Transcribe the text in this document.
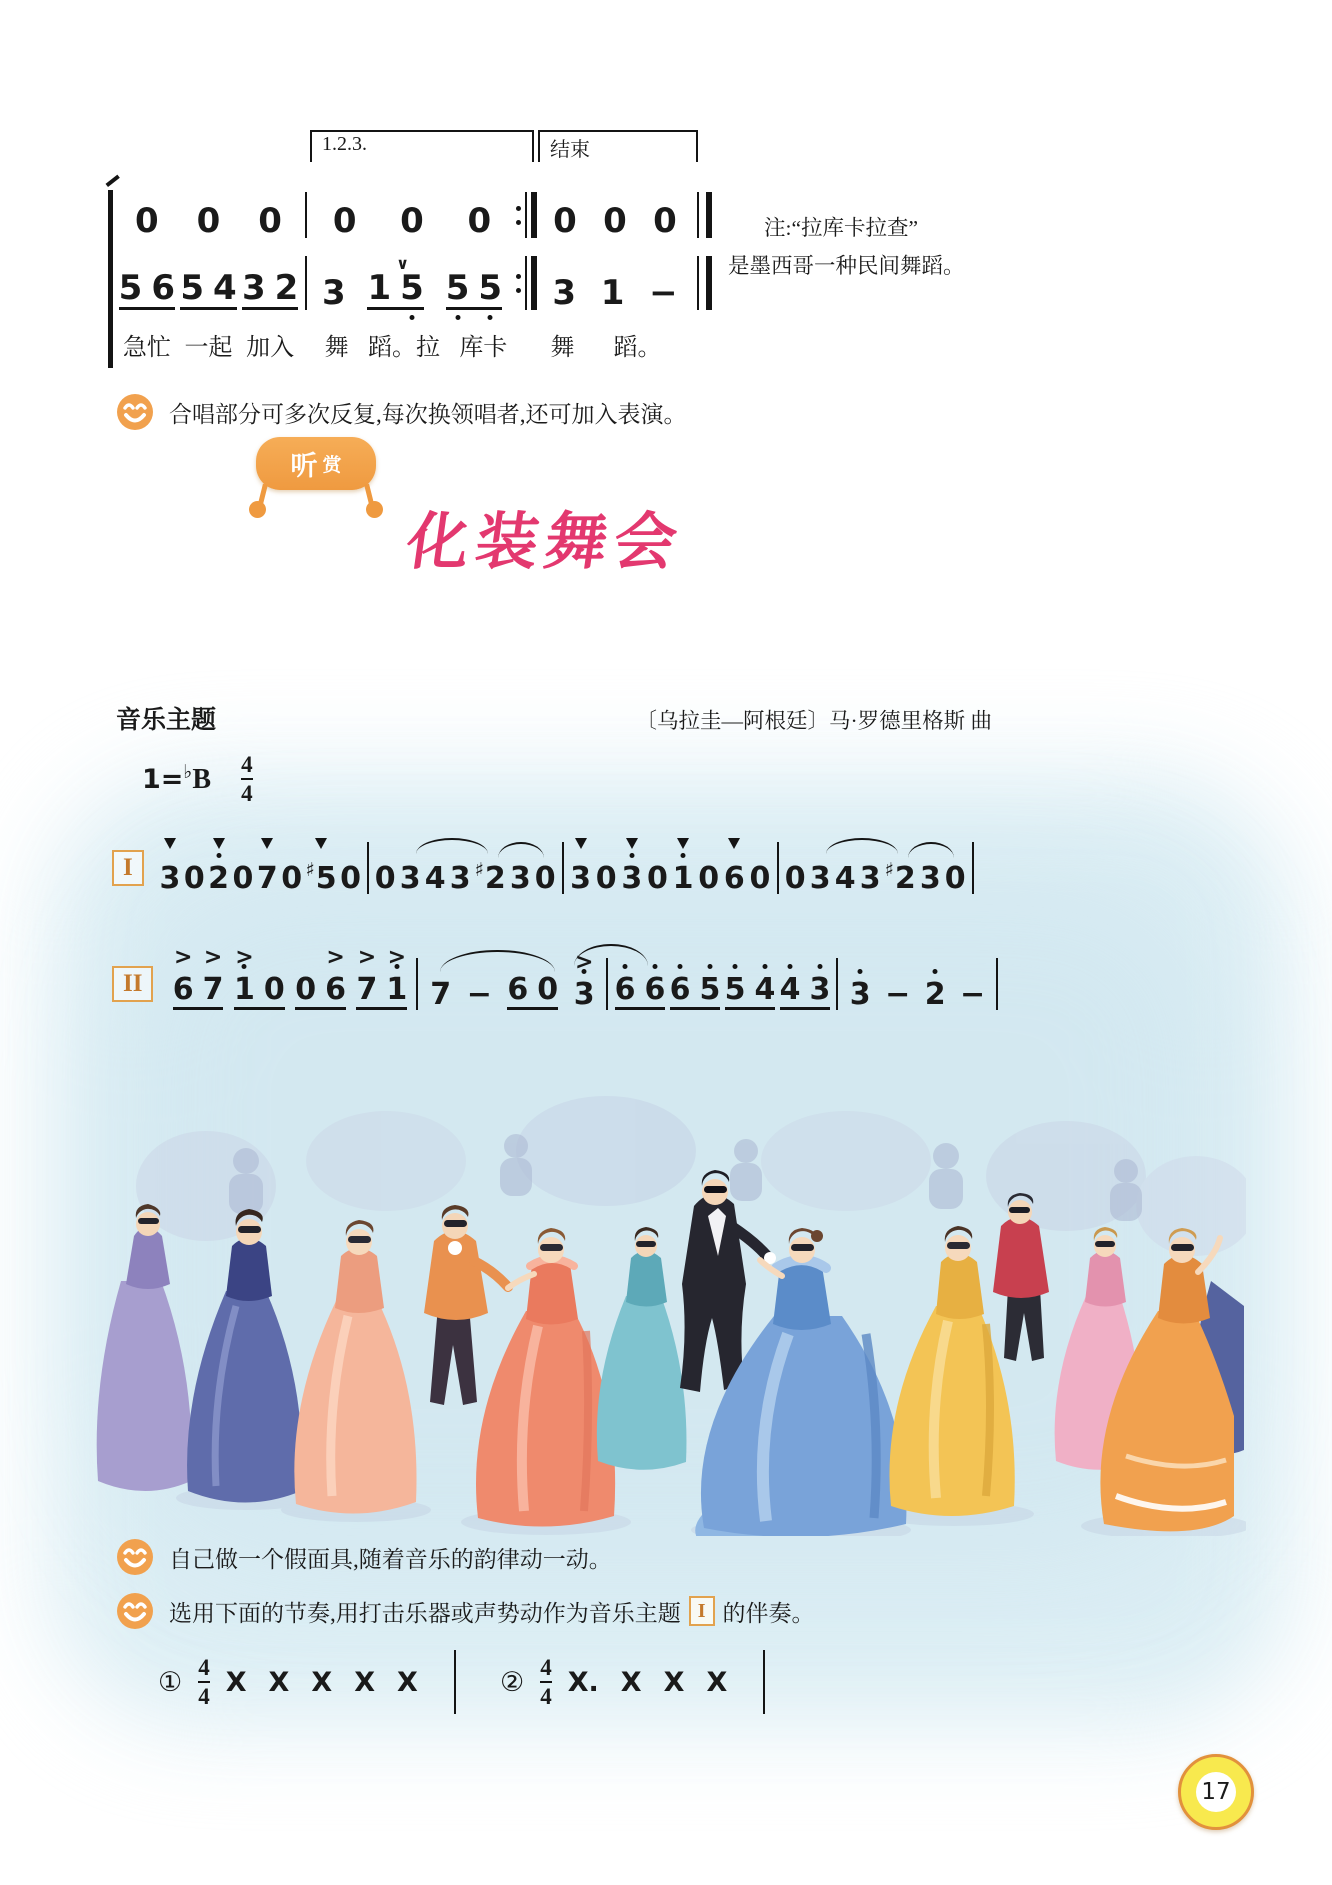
1.2.3.	结束
0 0 0 0 0 0 0 0 0
5 6 5 4 3 2 3 1
∨
5 5 5 3 1 −
急忙 一起 加入 舞 蹈。拉 库卡 舞 蹈。
注:“拉库卡拉查”
是墨西哥一种民间舞蹈。
合唱部分可多次反复,每次换领唱者,还可加入表演。
听 赏
化装舞会
音乐主题	〔乌拉圭—阿根廷〕马·罗德里格斯 曲
$1=^♭B \frac{4}{4}$
I 3 0 2 0 7 0♯ 5 0 0 3 4 3♯ 2 3 0 3 0 3 0 1 0 6 0 0 3 4 3♯ 2 3 0
II	6
>
7
>
1
>
0 0 6
>
7
>
1
>
7 − 6 0 3
>
6 6 6 5 5 4 4 3 3 − 2 −
自己做一个假面具,随着音乐的韵律动一动。
选用下面的节奏,用打击乐器或声势动作为音乐主题 I 的伴奏。
① $\frac{4}{4}$ X X X X X	② $\frac{4}{4} X$. X X X
17
